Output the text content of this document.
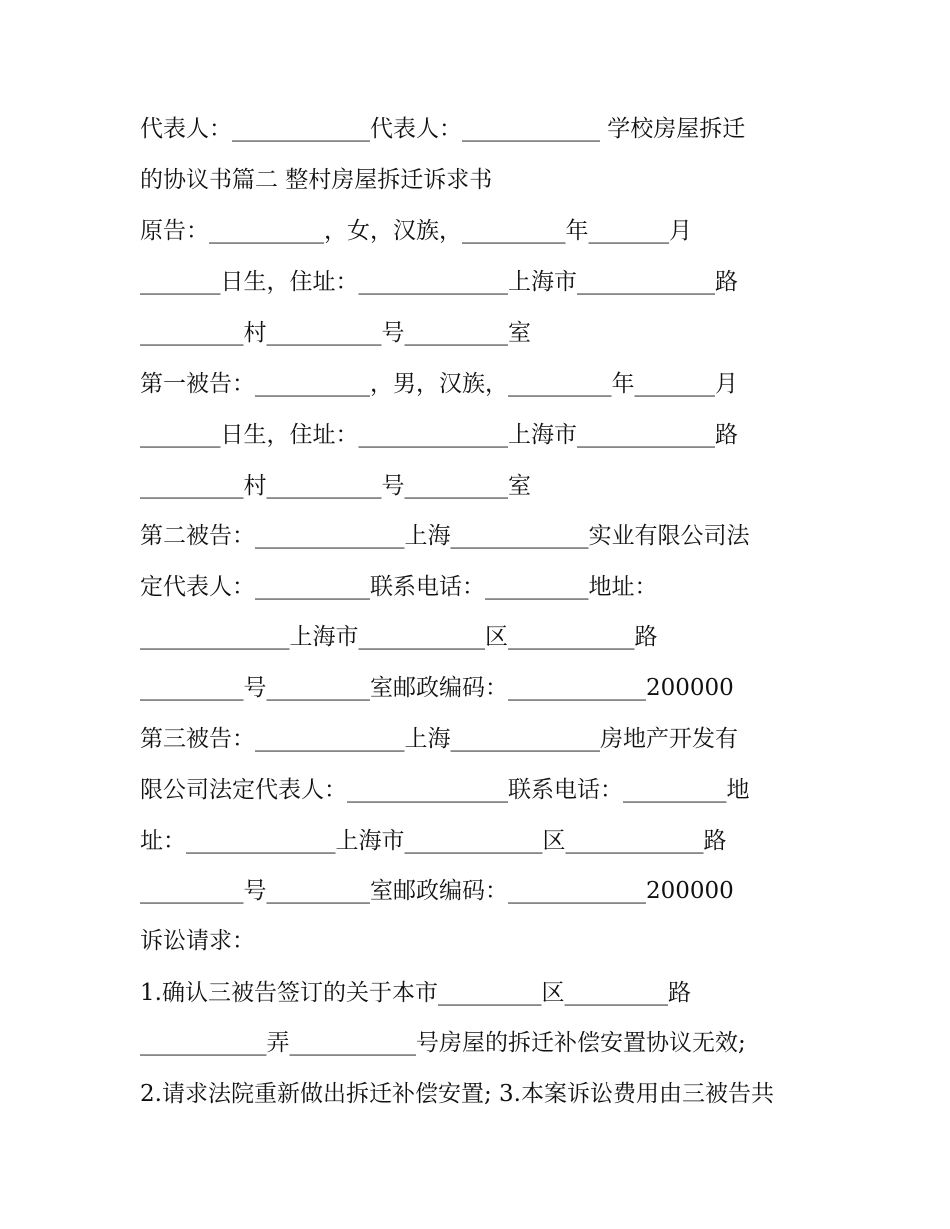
代表人：____________代表人：____________ 学校房屋拆迁
的协议书篇二 整村房屋拆迁诉求书
原告：__________，女，汉族，_________年_______月
_______日生，住址：_____________上海市____________路
_________村__________号_________室
第一被告：__________，男，汉族，_________年_______月
_______日生，住址：_____________上海市____________路
_________村__________号_________室
第二被告：_____________上海____________实业有限公司法
定代表人：__________联系电话：_________地址：
_____________上海市___________区___________路
_________号_________室邮政编码：____________200000
第三被告：_____________上海_____________房地产开发有
限公司法定代表人：______________联系电话：_________地
址：_____________上海市____________区____________路
_________号_________室邮政编码：____________200000
诉讼请求：
1.确认三被告签订的关于本市_________区_________路
___________弄___________号房屋的拆迁补偿安置协议无效;
2.请求法院重新做出拆迁补偿安置; 3.本案诉讼费用由三被告共
